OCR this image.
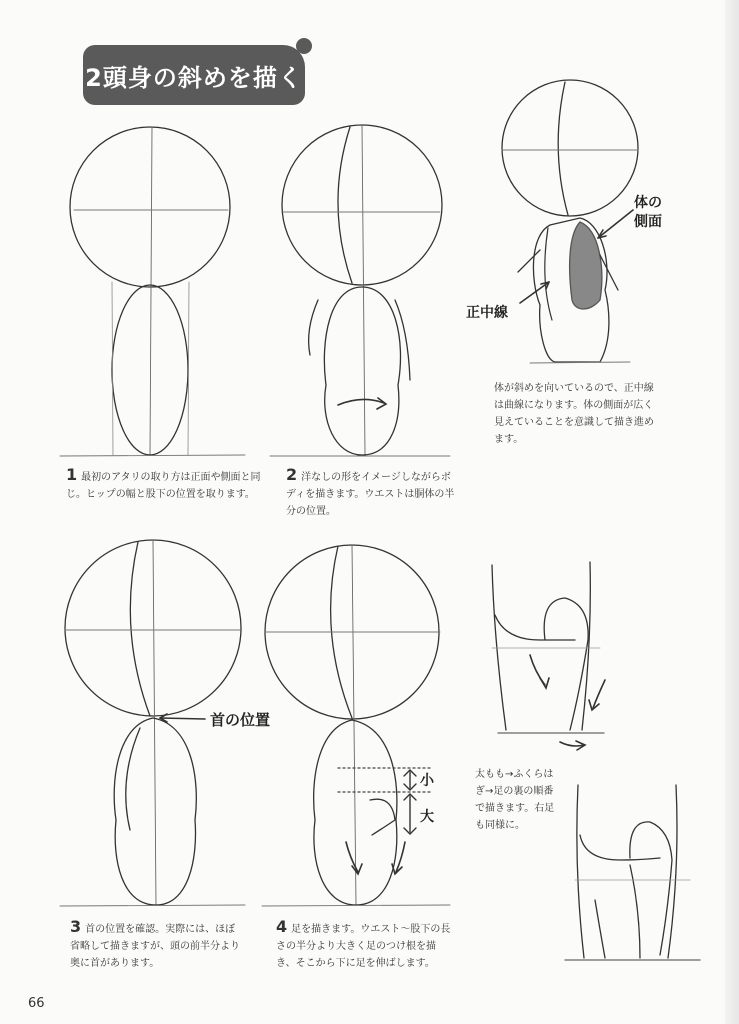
2頭身の斜めを描く
1 最初のアタリの取り方は正面や側面と同じ。ヒップの幅と股下の位置を取ります。
2 洋なしの形をイメージしながらボディを描きます。ウエストは胴体の半分の位置。
体が斜めを向いているので、正中線は曲線になります。体の側面が広く見えていることを意識して描き進めます。
3 首の位置を確認。実際には、ほぼ省略して描きますが、頭の前半分より奥に首があります。
4 足を描きます。ウエスト〜股下の長さの半分より大きく足のつけ根を描き、そこから下に足を伸ばします。
太もも→ふくらはぎ→足の裏の順番で描きます。右足も同様に。
体の
側面
正中線
首の位置
小
大
66
